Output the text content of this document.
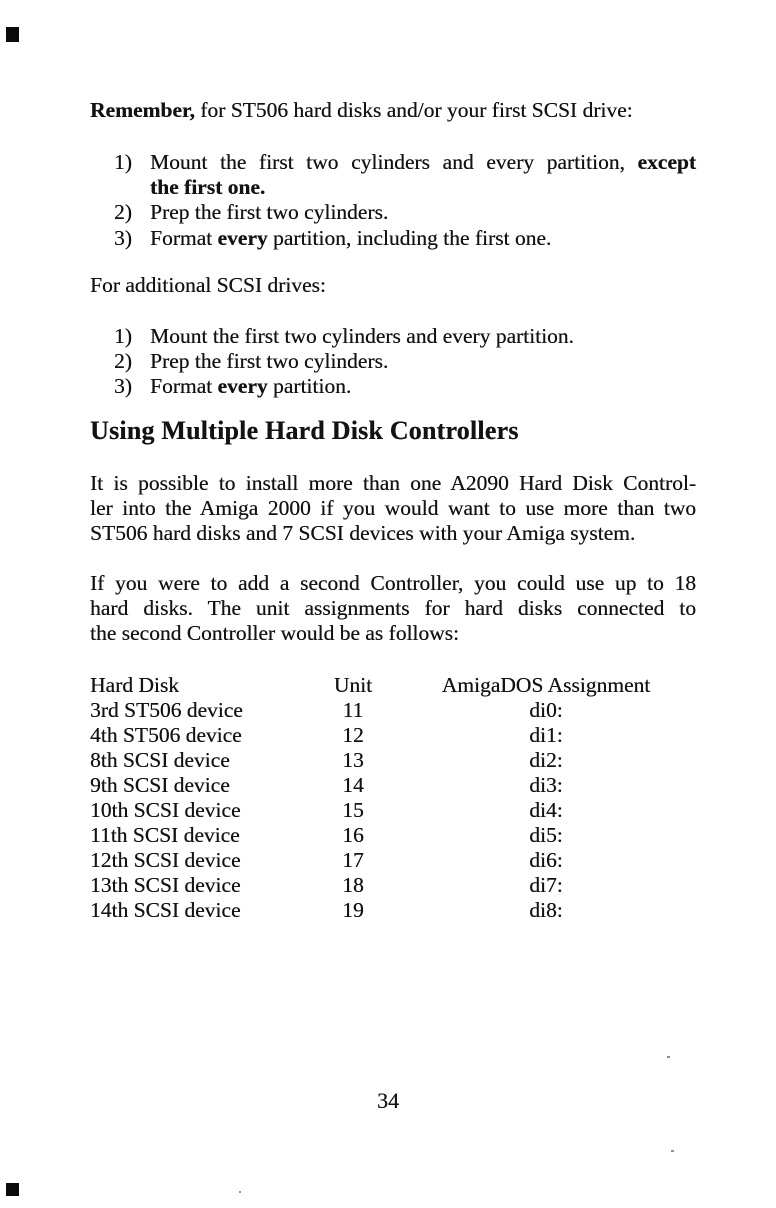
Remember, for ST506 hard disks and/or your first SCSI drive:
1) Mount the first two cylinders and every partition, except
the first one.
2) Prep the first two cylinders.
3) Format every partition, including the first one.
For additional SCSI drives:
1) Mount the first two cylinders and every partition.
2) Prep the first two cylinders.
3) Format every partition.
Using Multiple Hard Disk Controllers
It is possible to install more than one A2090 Hard Disk Control-
ler into the Amiga 2000 if you would want to use more than two
ST506 hard disks and 7 SCSI devices with your Amiga system.
If you were to add a second Controller, you could use up to 18
hard disks. The unit assignments for hard disks connected to
the second Controller would be as follows:
Hard Disk	Unit	AmigaDOS Assignment
3rd ST506 device	11	di0:
4th ST506 device	12	di1:
8th SCSI device	13	di2:
9th SCSI device	14	di3:
10th SCSI device	15	di4:
11th SCSI device	16	di5:
12th SCSI device	17	di6:
13th SCSI device	18	di7:
14th SCSI device	19	di8:
34
